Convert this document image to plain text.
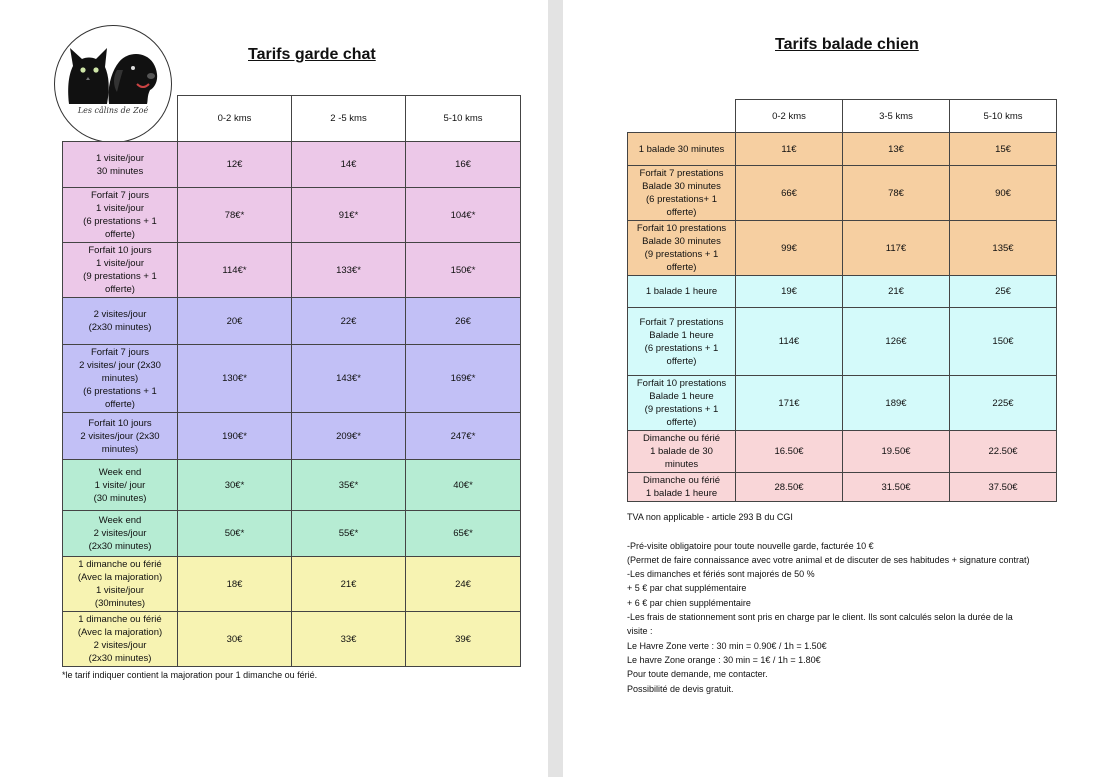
Les câlins de Zoé
Tarifs garde chat
	0-2 kms	2 -5 kms	5-10 kms
1 visite/jour
30 minutes	12€	14€	16€
Forfait 7 jours
1 visite/jour
(6 prestations + 1
offerte)	78€*	91€*	104€*
Forfait 10 jours
1 visite/jour
(9 prestations + 1
offerte)	114€*	133€*	150€*
2 visites/jour
(2x30 minutes)	20€	22€	26€
Forfait 7 jours
2 visites/ jour (2x30
minutes)
(6 prestations + 1
offerte)	130€*	143€*	169€*
Forfait 10 jours
2 visites/jour (2x30
minutes)	190€*	209€*	247€*
Week end
1 visite/ jour
(30 minutes)	30€*	35€*	40€*
Week end
2 visites/jour
(2x30 minutes)	50€*	55€*	65€*
1 dimanche ou férié
(Avec la majoration)
1 visite/jour
(30minutes)	18€	21€	24€
1 dimanche ou férié
(Avec la majoration)
2 visites/jour
(2x30 minutes)	30€	33€	39€
*le tarif indiquer contient la majoration pour 1 dimanche ou férié.
Tarifs balade chien
	0-2 kms	3-5 kms	5-10 kms
1 balade 30 minutes	11€	13€	15€
Forfait 7 prestations
Balade 30 minutes
(6 prestations+ 1
offerte)	66€	78€	90€
Forfait 10 prestations
Balade 30 minutes
(9 prestations + 1
offerte)	99€	117€	135€
1 balade 1 heure	19€	21€	25€
Forfait 7 prestations
Balade 1 heure
(6 prestations + 1
offerte)	114€	126€	150€
Forfait 10 prestations
Balade 1 heure
(9 prestations + 1
offerte)	171€	189€	225€
Dimanche ou férié
1 balade de 30
minutes	16.50€	19.50€	22.50€
Dimanche ou férié
1 balade 1 heure	28.50€	31.50€	37.50€
TVA non applicable - article 293 B du CGI

-Pré-visite obligatoire pour toute nouvelle garde, facturée 10 €
(Permet de faire connaissance avec votre animal et de discuter de ses habitudes + signature contrat)
-Les dimanches et fériés sont majorés de 50 %
+ 5 € par chat supplémentaire
+ 6 € par chien supplémentaire
-Les frais de stationnement sont pris en charge par le client. Ils sont calculés selon la durée de la
visite :
Le Havre Zone verte : 30 min = 0.90€ / 1h = 1.50€
Le havre Zone orange : 30 min = 1€ / 1h = 1.80€
Pour toute demande, me contacter.
Possibilité de devis gratuit.
